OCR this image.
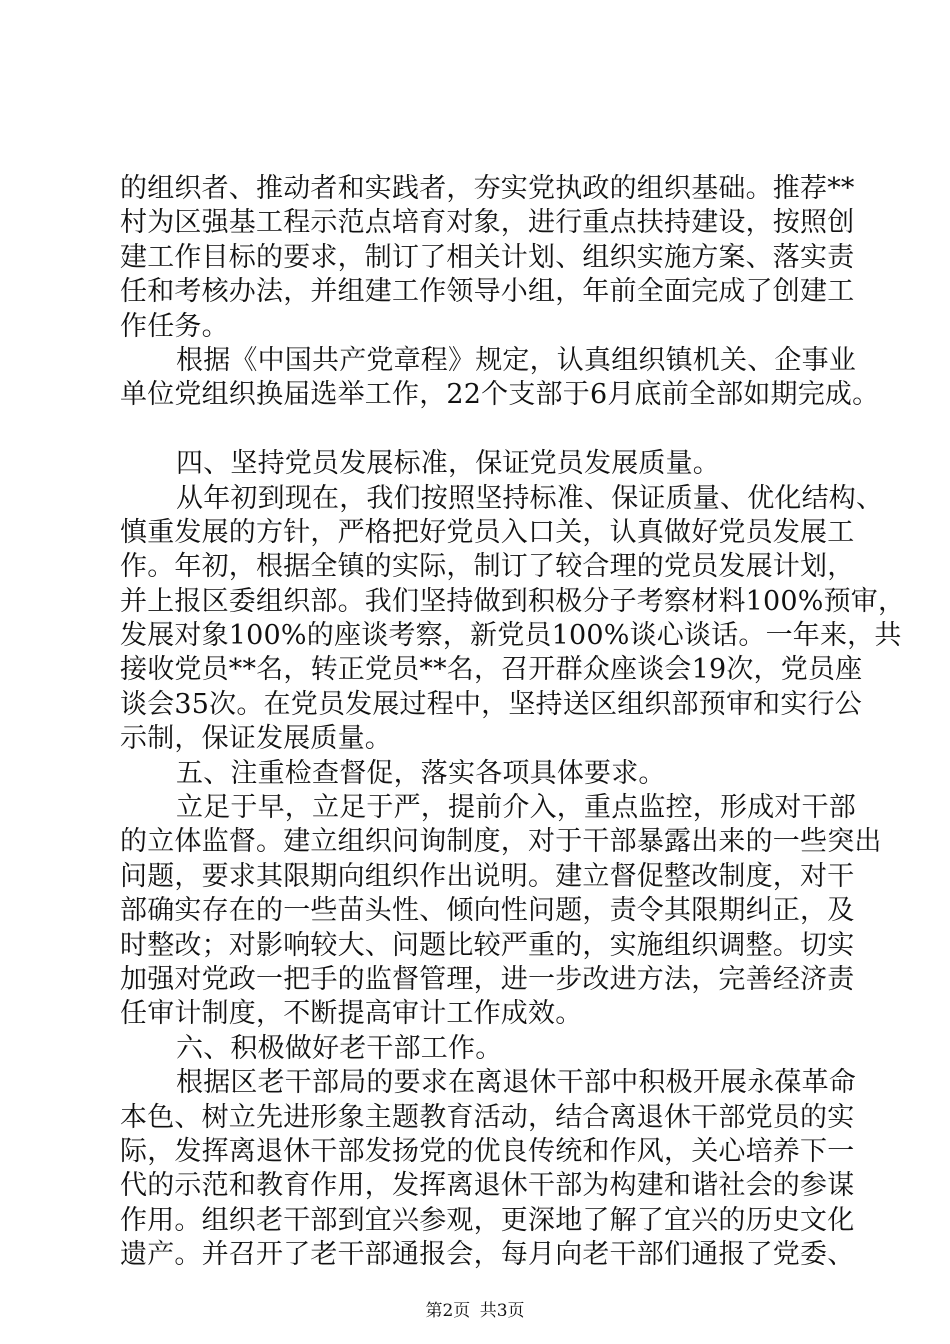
的组织者、推动者和实践者，夯实党执政的组织基础。推荐**
村为区强基工程示范点培育对象，进行重点扶持建设，按照创
建工作目标的要求，制订了相关计划、组织实施方案、落实责
任和考核办法，并组建工作领导小组，年前全面完成了创建工
作任务。
根据《中国共产党章程》规定，认真组织镇机关、企事业
单位党组织换届选举工作，22个支部于6月底前全部如期完成。
四、坚持党员发展标准，保证党员发展质量。
从年初到现在，我们按照坚持标准、保证质量、优化结构、
慎重发展的方针，严格把好党员入口关，认真做好党员发展工
作。年初，根据全镇的实际，制订了较合理的党员发展计划，
并上报区委组织部。我们坚持做到积极分子考察材料100%预审，
发展对象100%的座谈考察，新党员100%谈心谈话。一年来，共
接收党员**名，转正党员**名，召开群众座谈会19次，党员座
谈会35次。在党员发展过程中，坚持送区组织部预审和实行公
示制，保证发展质量。
五、注重检查督促，落实各项具体要求。
立足于早，立足于严，提前介入，重点监控，形成对干部
的立体监督。建立组织问询制度，对于干部暴露出来的一些突出
问题，要求其限期向组织作出说明。建立督促整改制度，对干
部确实存在的一些苗头性、倾向性问题，责令其限期纠正，及
时整改；对影响较大、问题比较严重的，实施组织调整。切实
加强对党政一把手的监督管理，进一步改进方法，完善经济责
任审计制度，不断提高审计工作成效。
六、积极做好老干部工作。
根据区老干部局的要求在离退休干部中积极开展永葆革命
本色、树立先进形象主题教育活动，结合离退休干部党员的实
际，发挥离退休干部发扬党的优良传统和作风，关心培养下一
代的示范和教育作用，发挥离退休干部为构建和谐社会的参谋
作用。组织老干部到宜兴参观，更深地了解了宜兴的历史文化
遗产。并召开了老干部通报会，每月向老干部们通报了党委、
第2页 共3页
